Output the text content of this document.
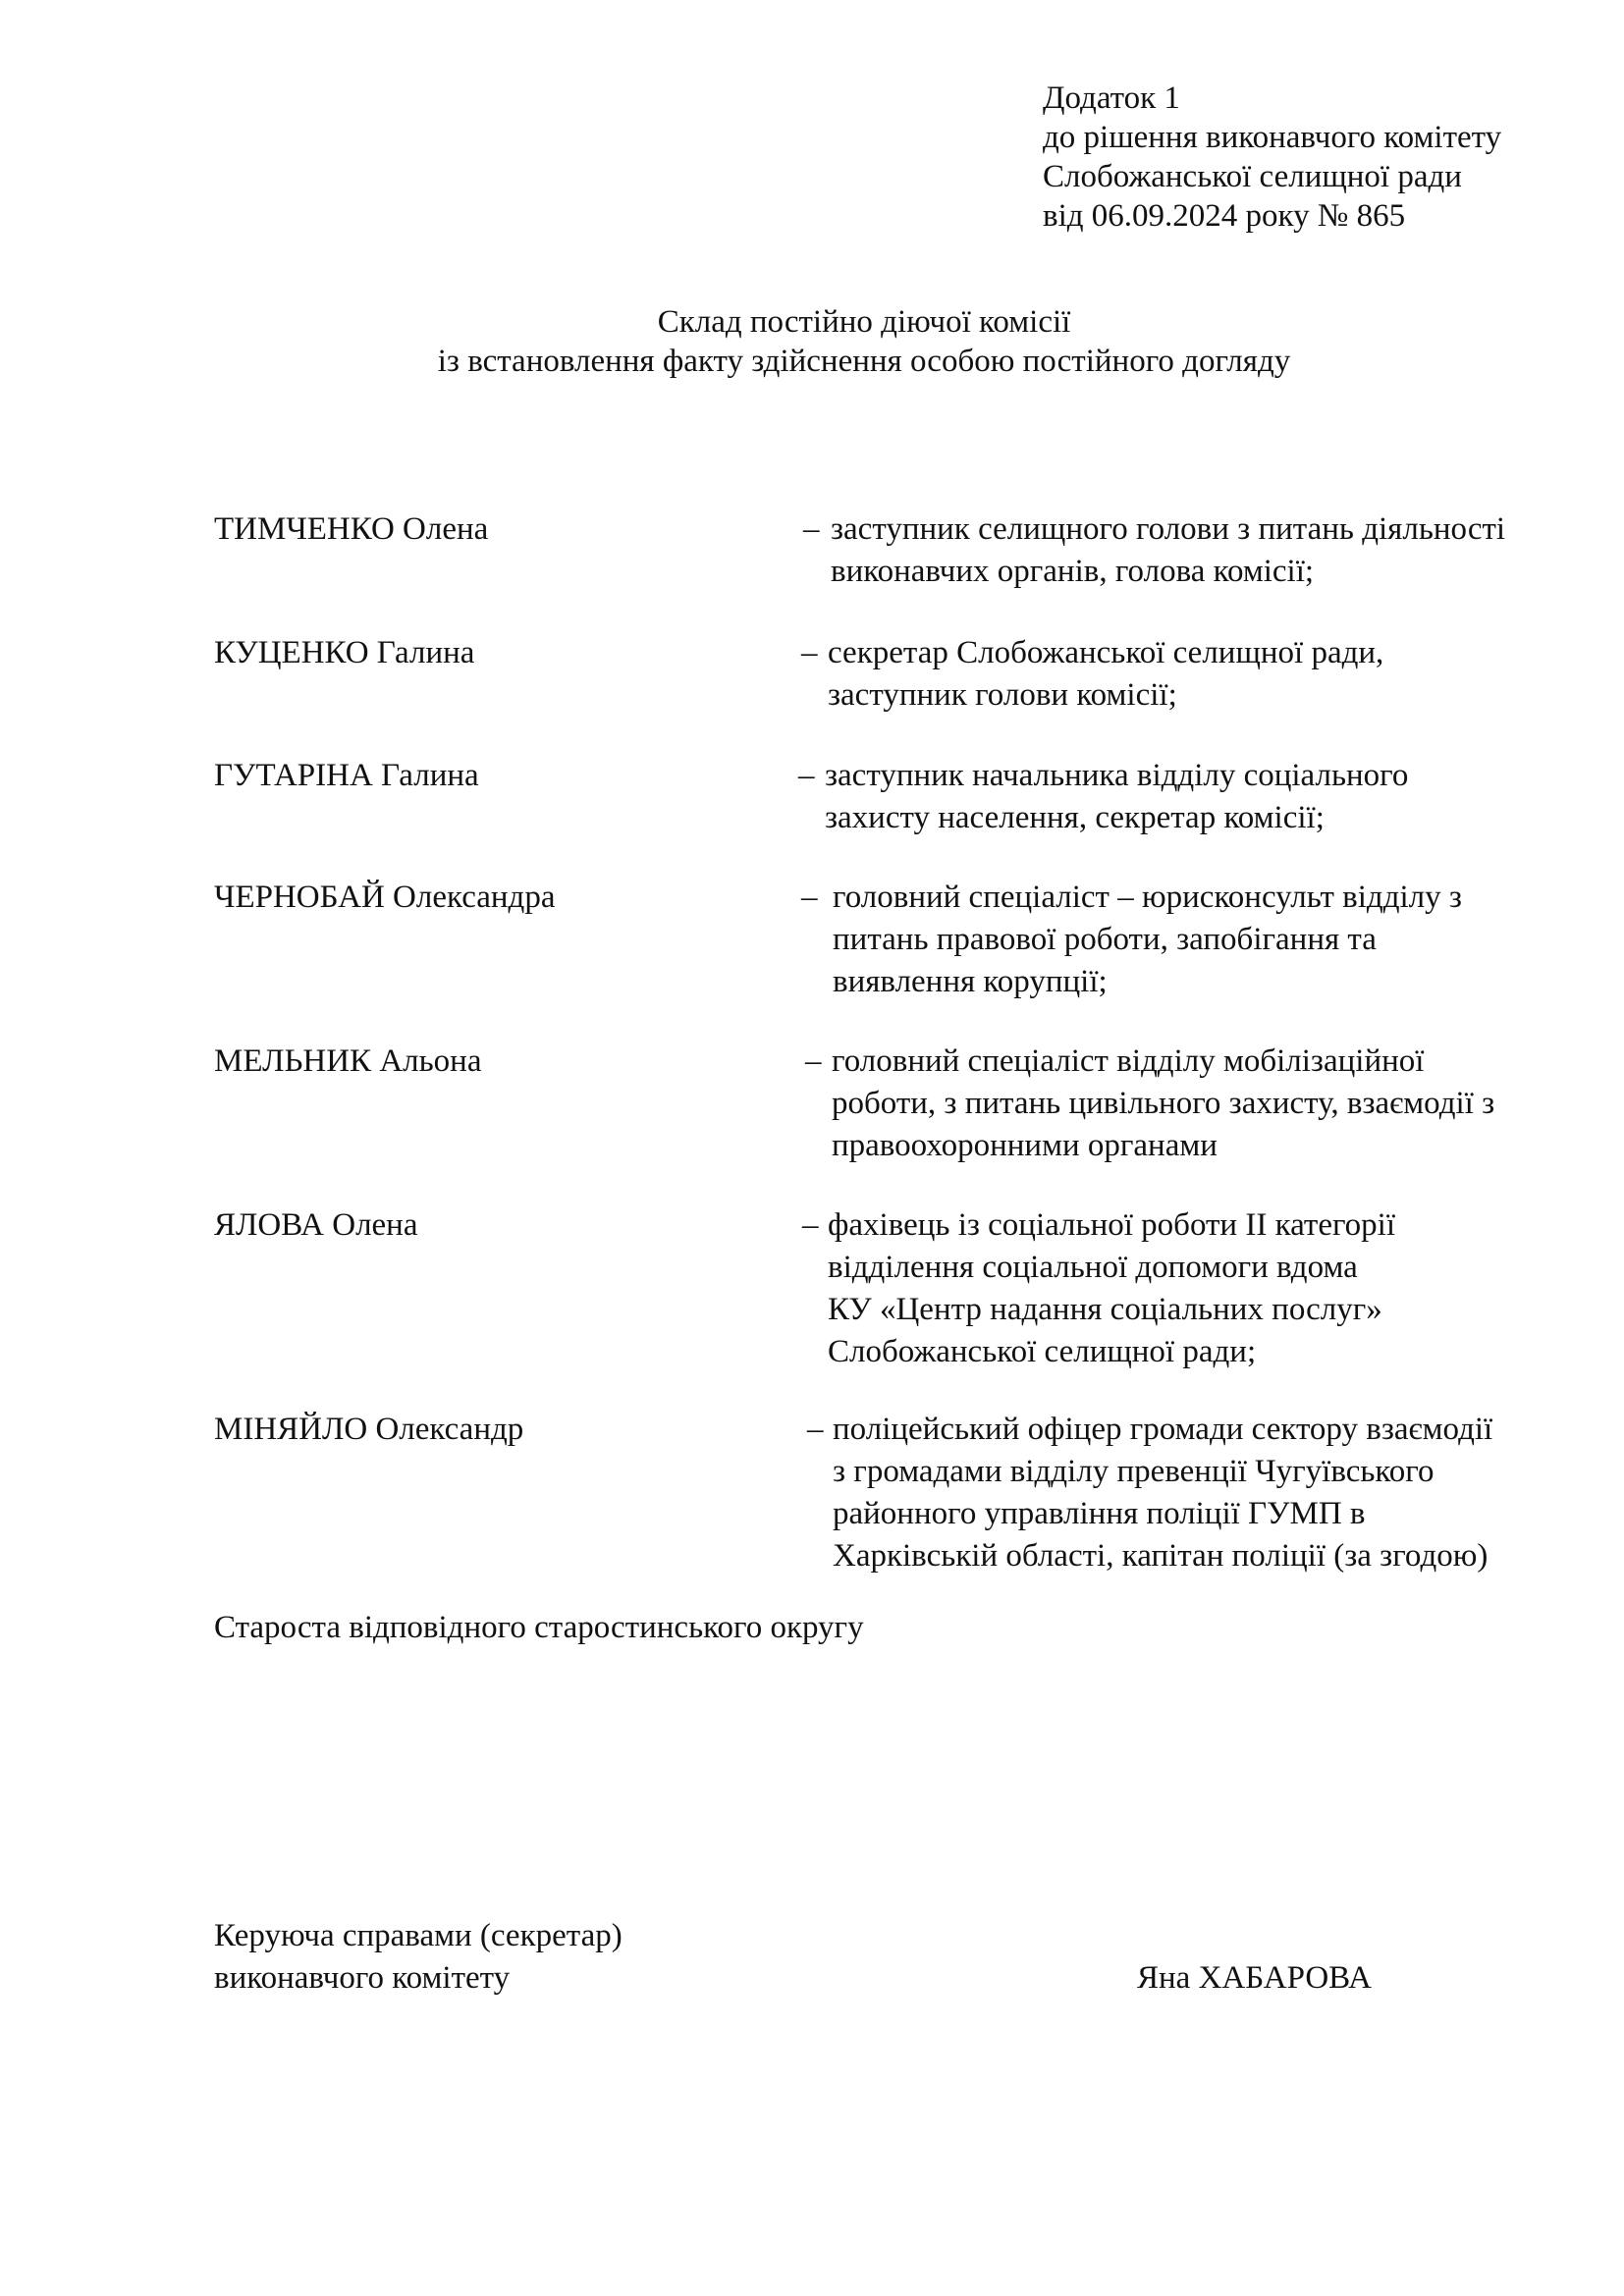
Додаток 1
до рішення виконавчого комітету
Слобожанської селищної ради
від 06.09.2024 року № 865
Склад постійно діючої комісії
із встановлення факту здійснення особою постійного догляду
ТИМЧЕНКО Олена	– заступник селищного голови з питань діяльності
виконавчих органів, голова комісії;
КУЦЕНКО Галина	– секретар Слобожанської селищної ради,
заступник голови комісії;
ГУТАРІНА Галина	– заступник начальника відділу соціального
захисту населення, секретар комісії;
ЧЕРНОБАЙ Олександра	– головний спеціаліст – юрисконсульт відділу з
питань правової роботи, запобігання та
виявлення корупції;
МЕЛЬНИК Альона	– головний спеціаліст відділу мобілізаційної
роботи, з питань цивільного захисту, взаємодії з
правоохоронними органами
ЯЛОВА Олена	– фахівець із соціальної роботи ІІ категорії
відділення соціальної допомоги вдома
КУ «Центр надання соціальних послуг»
Слобожанської селищної ради;
МІНЯЙЛО Олександр	– поліцейський офіцер громади сектору взаємодії
з громадами відділу превенції Чугуївського
районного управління поліції ГУМП в
Харківській області, капітан поліції (за згодою)
Староста відповідного старостинського округу
Керуюча справами (секретар)
виконавчого комітету	Яна ХАБАРОВА
